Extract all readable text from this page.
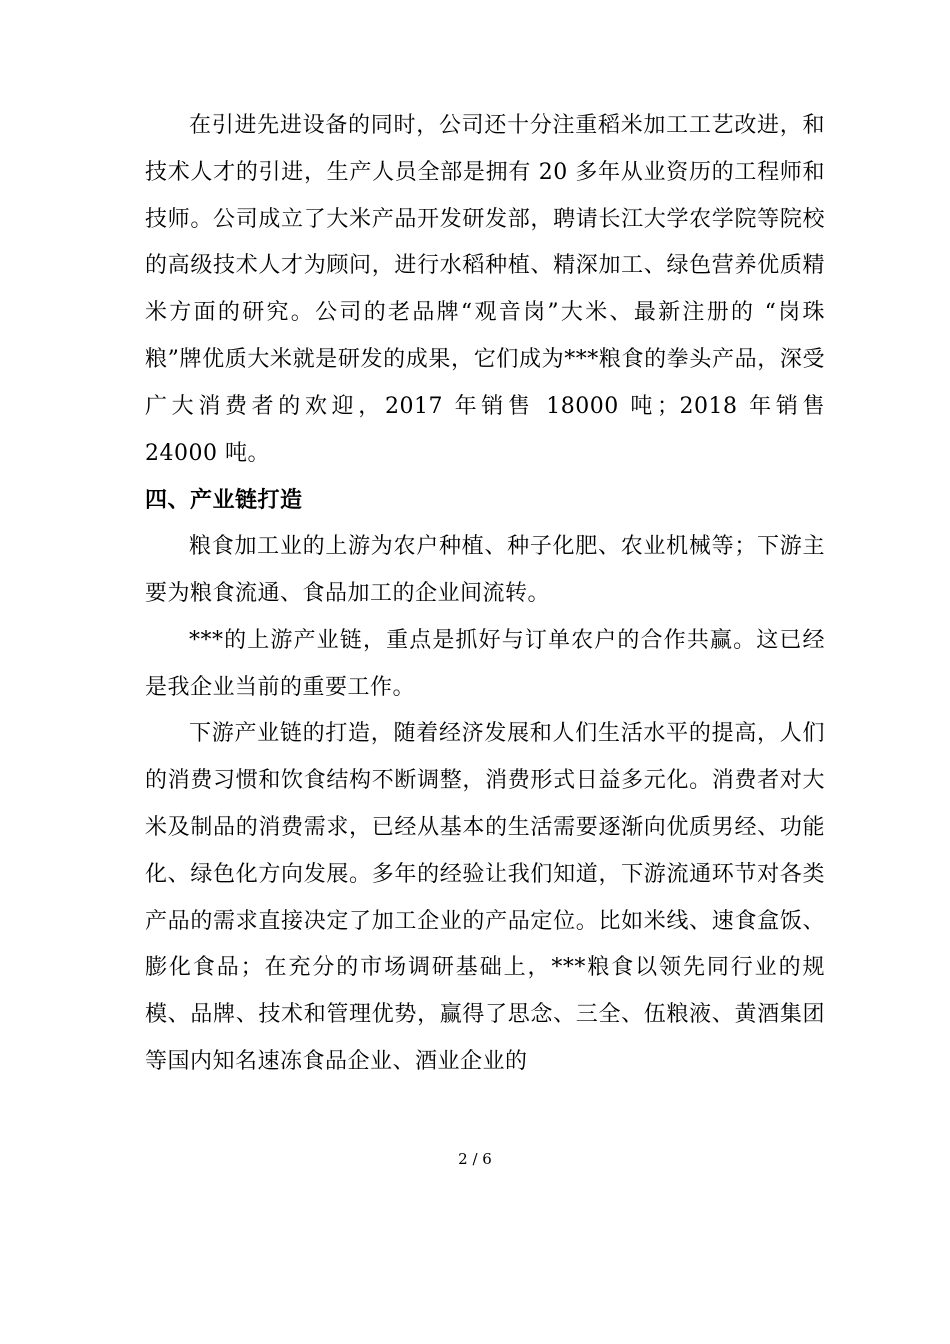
在引进先进设备的同时，公司还十分注重稻米加工工艺改进，和技术人才的引进，生产人员全部是拥有 20 多年从业资历的工程师和技师。公司成立了大米产品开发研发部，聘请长江大学农学院等院校的高级技术人才为顾问，进行水稻种植、精深加工、绿色营养优质精米方面的研究。公司的老品牌“观音岗”大米、最新注册的 “岗珠粮”牌优质大米就是研发的成果，它们成为***粮食的拳头产品，深受广大消费者的欢迎，2017 年销售 18000 吨；2018 年销售 24000 吨。

四、产业链打造

粮食加工业的上游为农户种植、种子化肥、农业机械等；下游主要为粮食流通、食品加工的企业间流转。

***的上游产业链，重点是抓好与订单农户的合作共赢。这已经是我企业当前的重要工作。

下游产业链的打造，随着经济发展和人们生活水平的提高，人们的消费习惯和饮食结构不断调整，消费形式日益多元化。消费者对大米及制品的消费需求，已经从基本的生活需要逐渐向优质男经、功能化、绿色化方向发展。多年的经验让我们知道，下游流通环节对各类产品的需求直接决定了加工企业的产品定位。比如米线、速食盒饭、膨化食品；在充分的市场调研基础上，***粮食以领先同行业的规模、品牌、技术和管理优势，赢得了思念、三全、伍粮液、黄酒集团等国内知名速冻食品企业、酒业企业的

2 / 6
